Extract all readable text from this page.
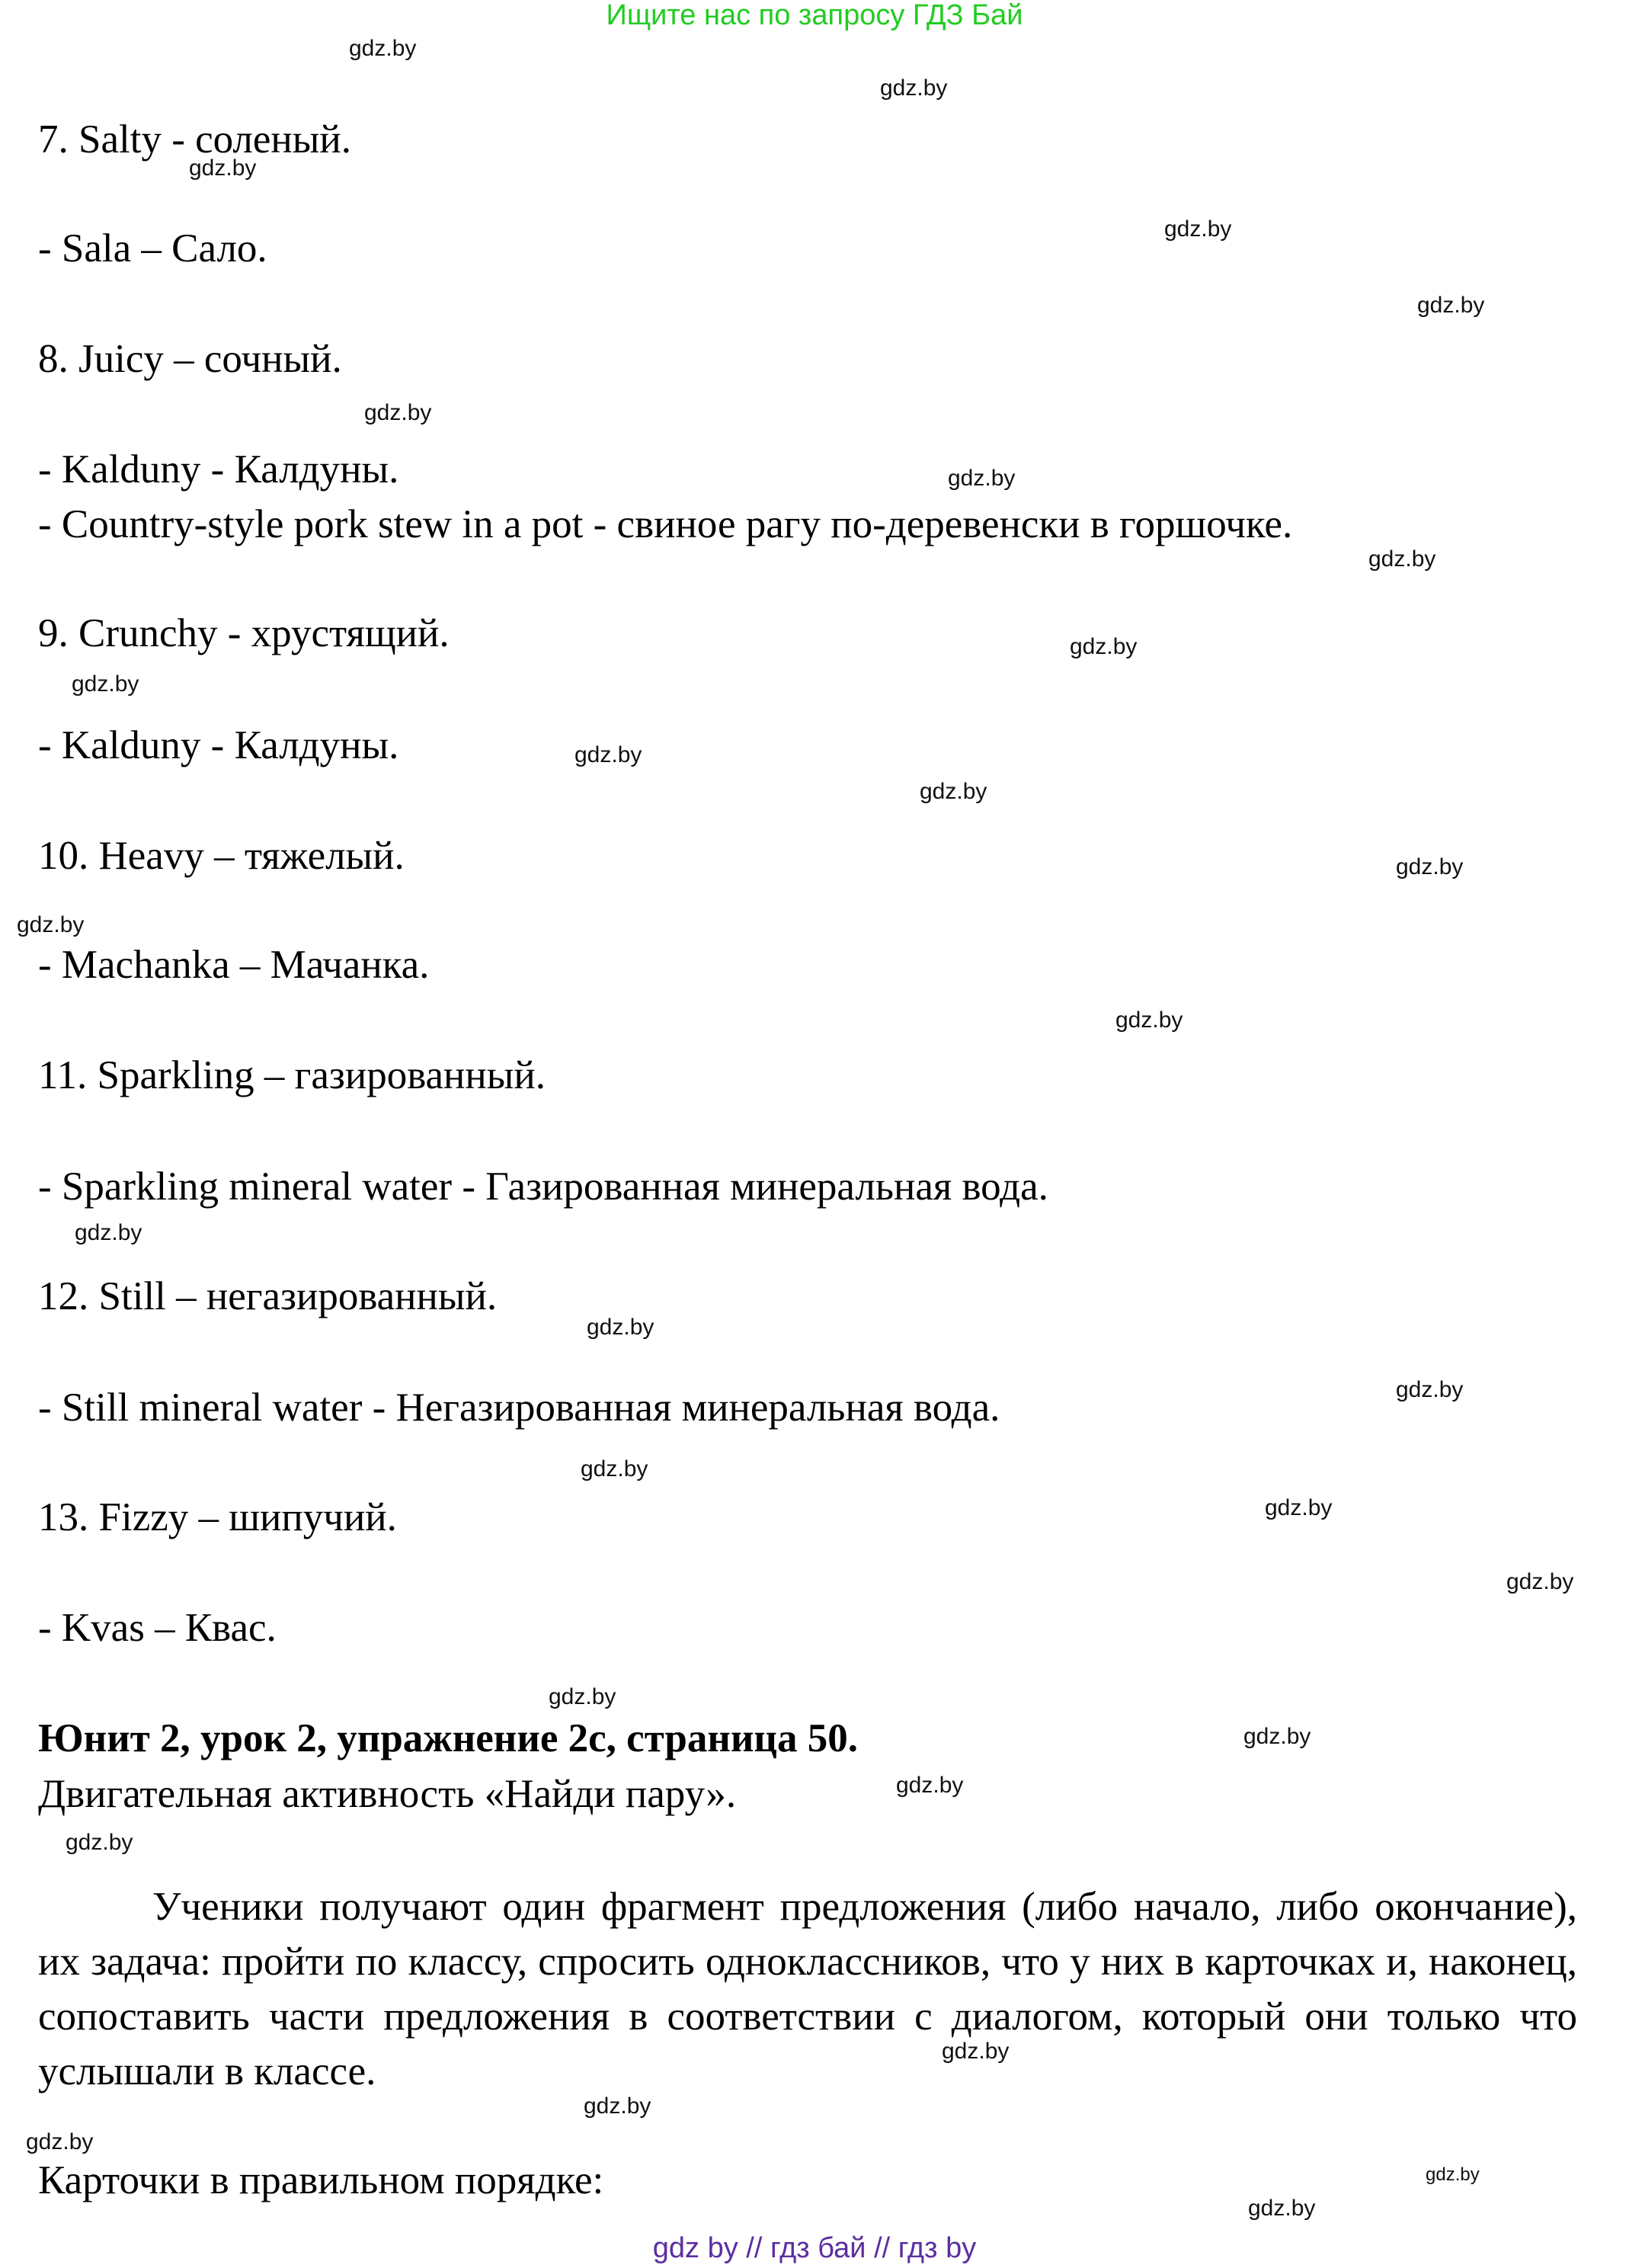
Ищите нас по запросу ГДЗ Бай
7. Salty - соленый.
- Sala – Сало.
8. Juicy – сочный.
- Kalduny - Калдуны.
- Country-style pork stew in a pot - свиное рагу по-деревенски в горшочке.
9. Crunchy - хрустящий.
- Kalduny - Калдуны.
10. Heavy – тяжелый.
- Machanka – Мачанка.
11. Sparkling – газированный.
- Sparkling mineral water - Газированная минеральная вода.
12. Still – негазированный.
- Still mineral water - Негазированная минеральная вода.
13. Fizzy – шипучий.
- Kvas – Квас.
Юнит 2, урок 2, упражнение 2c, страница 50.
Двигательная активность «Найди пару».
Ученики получают один фрагмент предложения (либо начало, либо окончание), их задача: пройти по классу, спросить одноклассников, что у них в карточках и, наконец, сопоставить части предложения в соответствии с диалогом, который они только что услышали в классе.
Карточки в правильном порядке:
gdz.by
gdz.by
gdz.by
gdz.by
gdz.by
gdz.by
gdz.by
gdz.by
gdz.by
gdz.by
gdz.by
gdz.by
gdz.by
gdz.by
gdz.by
gdz.by
gdz.by
gdz.by
gdz.by
gdz.by
gdz.by
gdz.by
gdz.by
gdz.by
gdz.by
gdz.by
gdz.by
gdz.by
gdz.by
gdz.by
gdz by // гдз бай // гдз by
